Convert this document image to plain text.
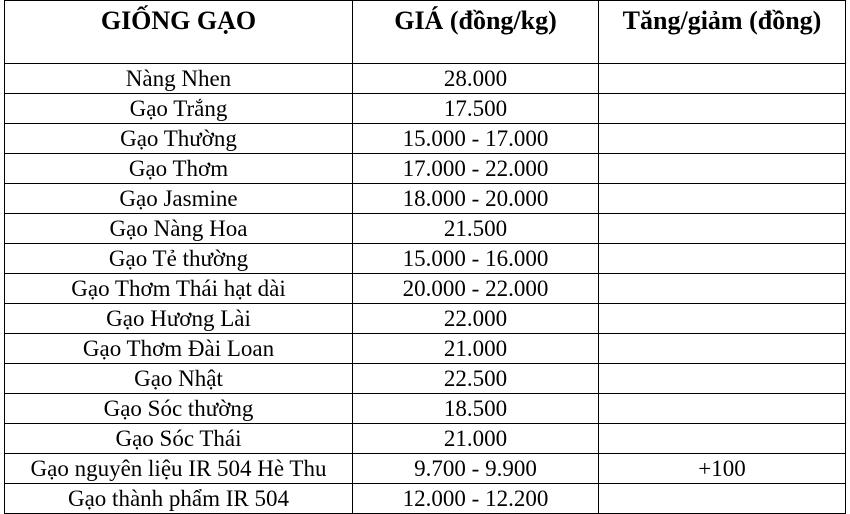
GIỐNG GẠO	GIÁ (đồng/kg)	Tăng/giảm (đồng)
Nàng Nhen	28.000	
Gạo Trắng	17.500	
Gạo Thường	15.000 - 17.000	
Gạo Thơm	17.000 - 22.000	
Gạo Jasmine	18.000 - 20.000	
Gạo Nàng Hoa	21.500	
Gạo Tẻ thường	15.000 - 16.000	
Gạo Thơm Thái hạt dài	20.000 - 22.000	
Gạo Hương Lài	22.000	
Gạo Thơm Đài Loan	21.000	
Gạo Nhật	22.500	
Gạo Sóc thường	18.500	
Gạo Sóc Thái	21.000	
Gạo nguyên liệu IR 504 Hè Thu	9.700 - 9.900	+100
Gạo thành phẩm IR 504	12.000 - 12.200	
